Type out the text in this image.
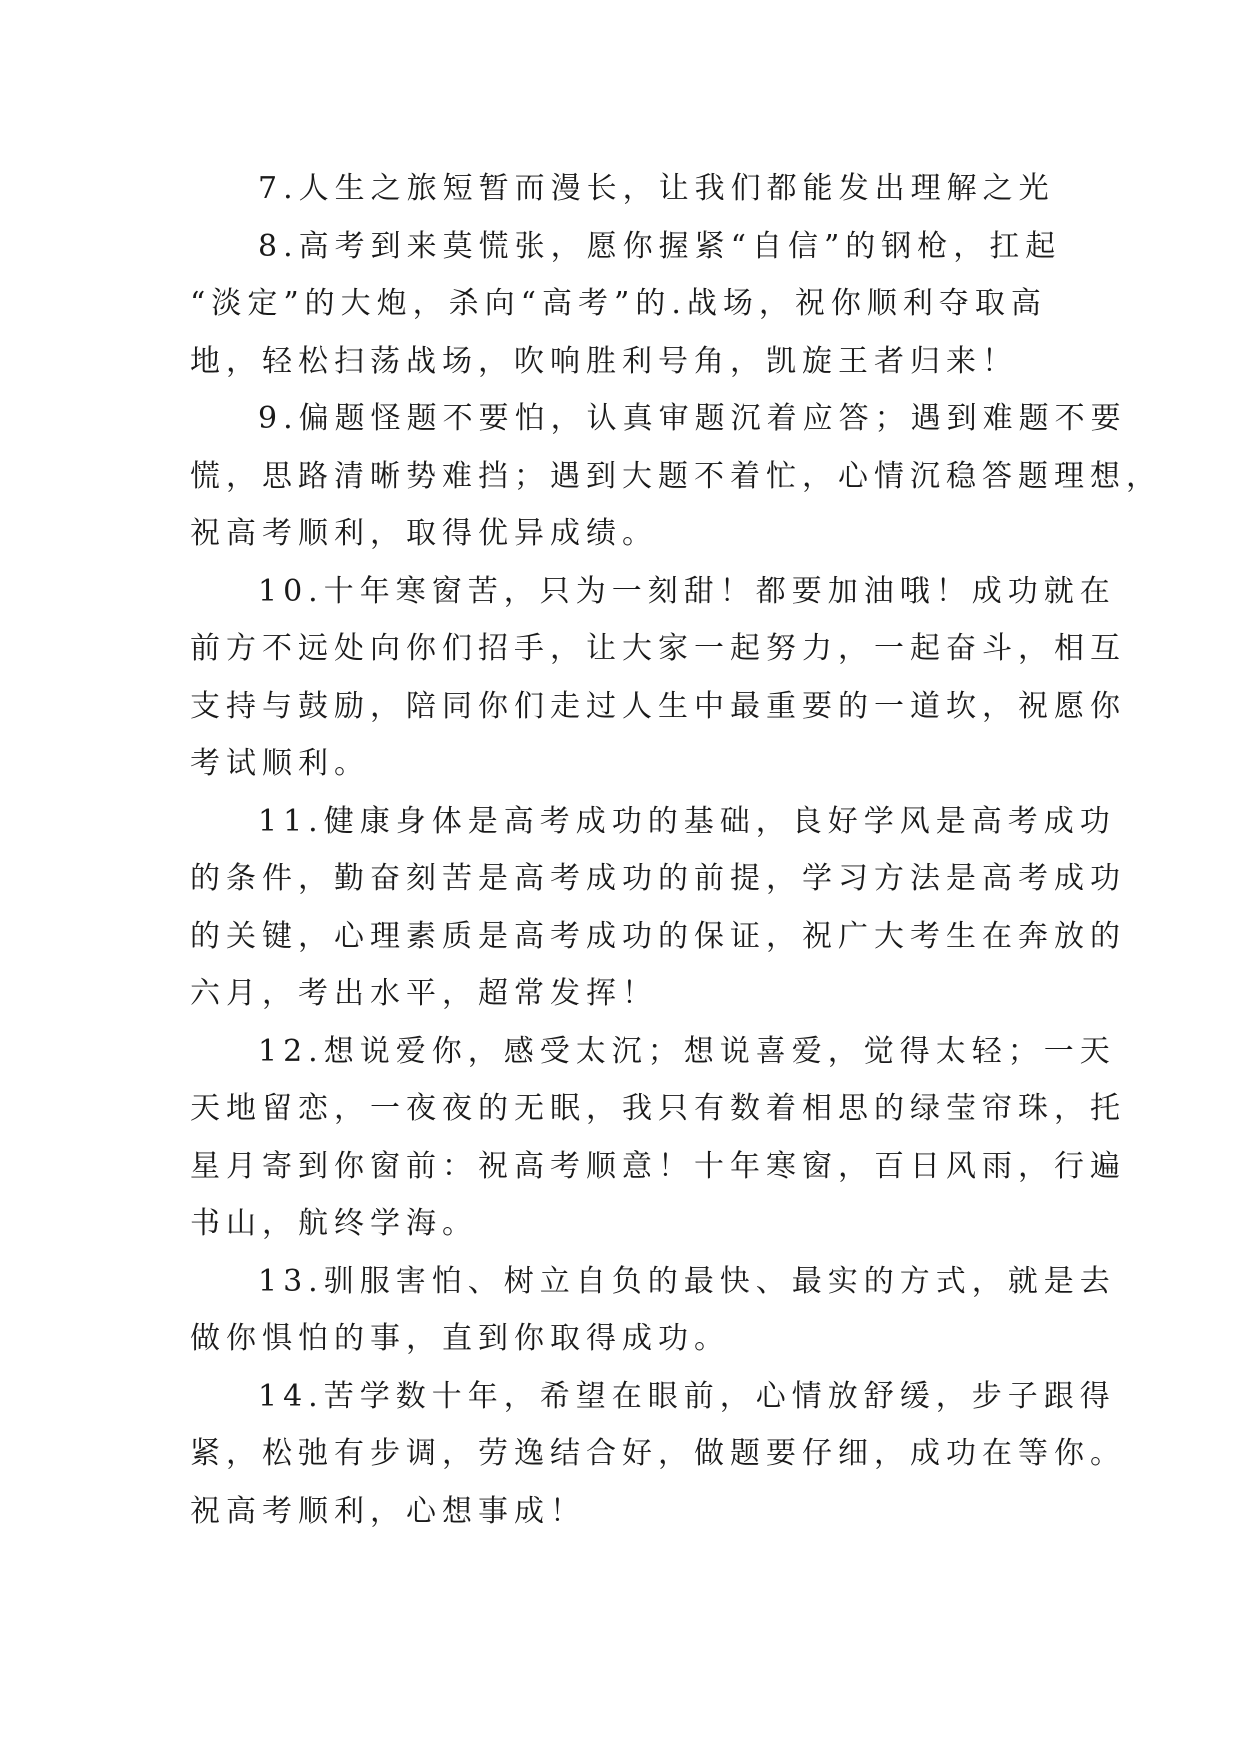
7.人生之旅短暂而漫长，让我们都能发出理解之光

8.高考到来莫慌张，愿你握紧“自信”的钢枪，扛起
“淡定”的大炮，杀向“高考”的.战场，祝你顺利夺取高
地，轻松扫荡战场，吹响胜利号角，凯旋王者归来！

9.偏题怪题不要怕，认真审题沉着应答；遇到难题不要
慌，思路清晰势难挡；遇到大题不着忙，心情沉稳答题理想，
祝高考顺利，取得优异成绩。

10.十年寒窗苦，只为一刻甜！都要加油哦！成功就在
前方不远处向你们招手，让大家一起努力，一起奋斗，相互
支持与鼓励，陪同你们走过人生中最重要的一道坎，祝愿你
考试顺利。

11.健康身体是高考成功的基础，良好学风是高考成功
的条件，勤奋刻苦是高考成功的前提，学习方法是高考成功
的关键，心理素质是高考成功的保证，祝广大考生在奔放的
六月，考出水平，超常发挥！

12.想说爱你，感受太沉；想说喜爱，觉得太轻；一天
天地留恋，一夜夜的无眠，我只有数着相思的绿莹帘珠，托
星月寄到你窗前：祝高考顺意！十年寒窗，百日风雨，行遍
书山，航终学海。

13.驯服害怕、树立自负的最快、最实的方式，就是去
做你惧怕的事，直到你取得成功。

14.苦学数十年，希望在眼前，心情放舒缓，步子跟得
紧，松弛有步调，劳逸结合好，做题要仔细，成功在等你。
祝高考顺利，心想事成！
